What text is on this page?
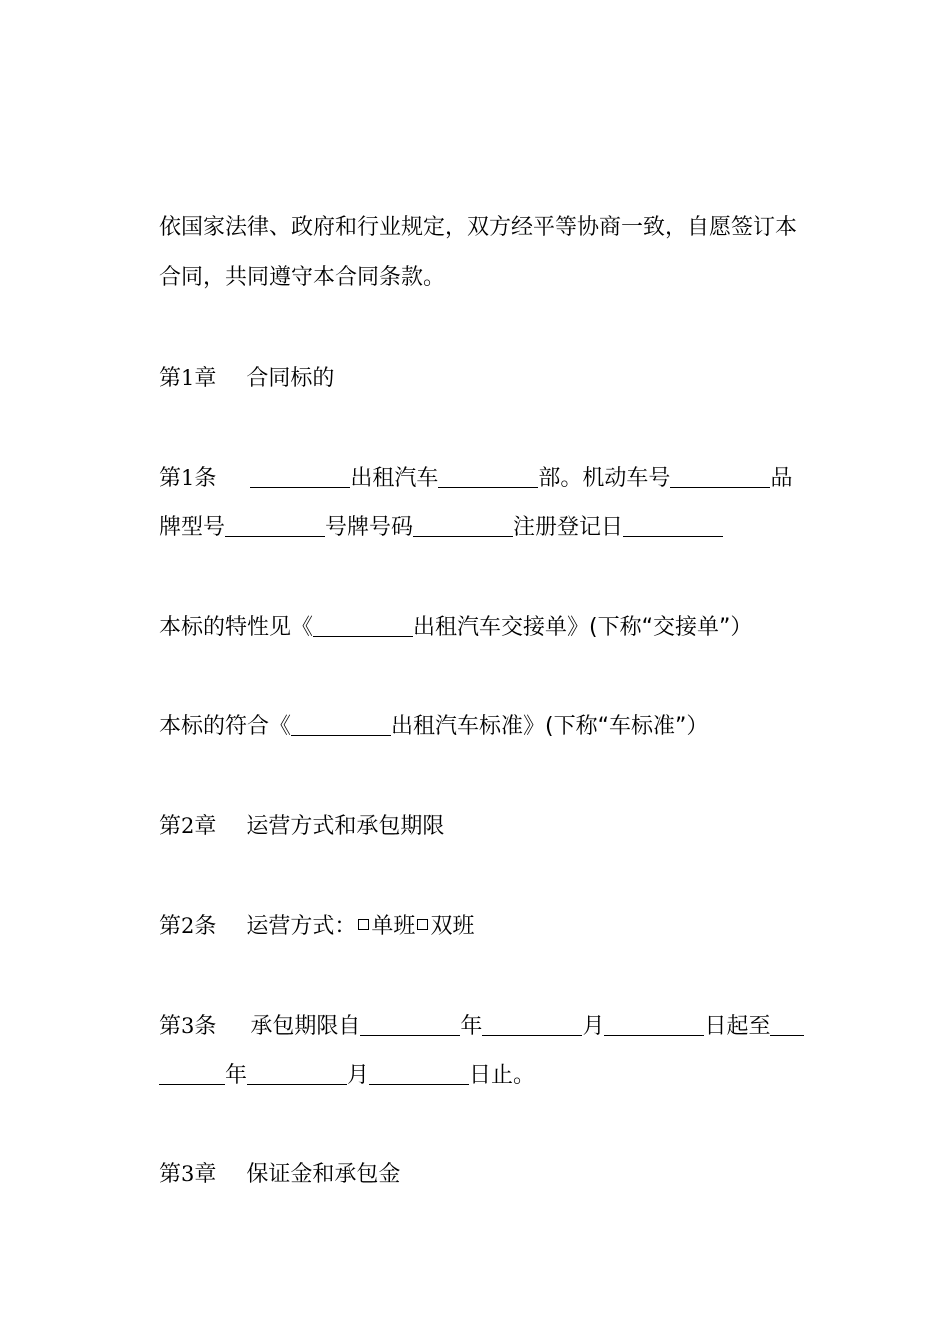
依国家法律、政府和行业规定，双方经平等协商一致，自愿签订本

合同，共同遵守本合同条款。

第1章 合同标的

第1条	出租汽车	部。机动车号	品

牌型号	号牌号码	注册登记日

本标的特性见《	出租汽车交接单》(下称“交接单”）

本标的符合《	出租汽车标准》(下称“车标准”）

第2章 运营方式和承包期限

第2条 运营方式： 单班 双班

第3条 承包期限自	年	月	日起至

年	月	日止。

第3章 保证金和承包金
